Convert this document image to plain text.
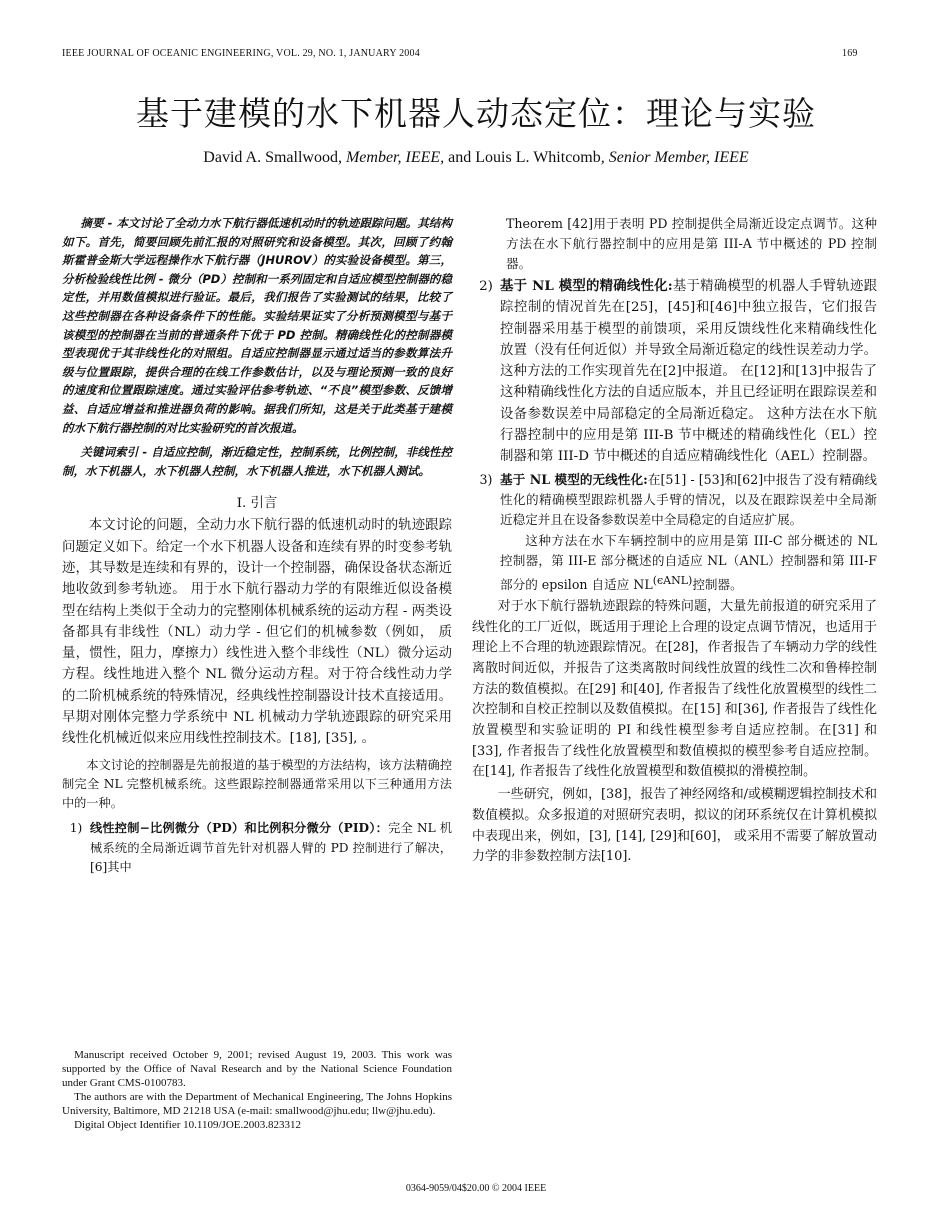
IEEE JOURNAL OF OCEANIC ENGINEERING, VOL. 29, NO. 1, JANUARY 2004	169
基于建模的水下机器人动态定位：理论与实验
David A. Smallwood, Member, IEEE, and Louis L. Whitcomb, Senior Member, IEEE

摘要 - 本文讨论了全动力水下航行器低速机动时的轨迹跟踪问题。其结构如下。首先，简要回顾先前汇报的对照研究和设备模型。其次，回顾了约翰斯霍普金斯大学远程操作水下航行器（JHUROV）的实验设备模型。第三，分析检验线性比例 - 微分（PD）控制和一系列固定和自适应模型控制器的稳定性，并用数值模拟进行验证。最后，我们报告了实验测试的结果，比较了这些控制器在各种设备条件下的性能。实验结果证实了分析预测模型与基于该模型的控制器在当前的普通条件下优于 PD 控制。精确线性化的控制器模型表现优于其非线性化的对照组。自适应控制器显示通过适当的参数算法升级与位置跟踪，提供合理的在线工作参数估计，以及与理论预测一致的良好的速度和位置跟踪速度。通过实验评估参考轨迹、“不良”模型参数、反馈增益、自适应增益和推进器负荷的影响。据我们所知，这是关于此类基于建模的水下航行器控制的对比实验研究的首次报道。

关键词索引 - 自适应控制，渐近稳定性，控制系统，比例控制，非线性控制，水下机器人，水下机器人控制，水下机器人推进，水下机器人测试。

I. 引言

本文讨论的问题，全动力水下航行器的低速机动时的轨迹跟踪问题定义如下。给定一个水下机器人设备和连续有界的时变参考轨迹，其导数是连续和有界的，设计一个控制器，确保设备状态渐近地收敛到参考轨迹。 用于水下航行器动力学的有限维近似设备模型在结构上类似于全动力的完整刚体机械系统的运动方程 - 两类设备都具有非线性（NL）动力学 - 但它们的机械参数（例如， 质量，惯性，阻力，摩擦力）线性进入整个非线性（NL）微分运动方程。线性地进入整个 NL 微分运动方程。对于符合线性动力学的二阶机械系统的特殊情况，经典线性控制器设计技术直接适用。早期对刚体完整力学系统中 NL 机械动力学轨迹跟踪的研究采用线性化机械近似来应用线性控制技术。[18], [35], 。

本文讨论的控制器是先前报道的基于模型的方法结构，该方法精确控制完全 NL 完整机械系统。这些跟踪控制器通常采用以下三种通用方法中的一种。

1) 线性控制−比例微分（PD）和比例积分微分（PID）：完全 NL 机械系统的全局渐近调节首先针对机器人臂的 PD 控制进行了解决，[6]其中

Manuscript received October 9, 2001; revised August 19, 2003. This work was supported by the Office of Naval Research and by the National Science Foundation under Grant CMS-0100783.

The authors are with the Department of Mechanical Engineering, The Johns Hopkins University, Baltimore, MD 21218 USA (e-mail: smallwood@jhu.edu; llw@jhu.edu).

Digital Object Identifier 10.1109/JOE.2003.823312

Theorem [42]用于表明 PD 控制提供全局渐近设定点调节。这种方法在水下航行器控制中的应用是第 III-A 节中概述的 PD 控制器。
2) 基于 NL 模型的精确线性化:基于精确模型的机器人手臂轨迹跟踪控制的情况首先在[25]，[45]和[46]中独立报告，它们报告控制器采用基于模型的前馈项，采用反馈线性化来精确线性化 放置（没有任何近似）并导致全局渐近稳定的线性误差动力学。 这种方法的工作实现首先在[2]中报道。 在[12]和[13]中报告了这种精确线性化方法的自适应版本，并且已经证明在跟踪误差和设备参数误差中局部稳定的全局渐近稳定。 这种方法在水下航行器控制中的应用是第 III-B 节中概述的精确线性化（EL）控制器和第 III-D 节中概述的自适应精确线性化（AEL）控制器。
3) 基于 NL 模型的无线性化:在[51] - [53]和[62]中报告了没有精确线性化的精确模型跟踪机器人手臂的情况，以及在跟踪误差中全局渐近稳定并且在设备参数误差中全局稳定的自适应扩展。
这种方法在水下车辆控制中的应用是第 III-C 部分概述的 NL 控制器，第 III-E 部分概述的自适应 NL（ANL）控制器和第 III-F 部分的 epsilon 自适应 $NL^{(\epsilon ANL)}$控制器。

对于水下航行器轨迹跟踪的特殊问题，大量先前报道的研究采用了线性化的工厂近似，既适用于理论上合理的设定点调节情况，也适用于理论上不合理的轨迹跟踪情况。在[28]，作者报告了车辆动力学的线性离散时间近似，并报告了这类离散时间线性放置的线性二次和鲁棒控制方法的数值模拟。在[29] 和[40], 作者报告了线性化放置模型的线性二次控制和自校正控制以及数值模拟。在[15] 和[36], 作者报告了线性化放置模型和实验证明的 PI 和线性模型参考自适应控制。在[31] 和[33], 作者报告了线性化放置模型和数值模拟的模型参考自适应控制。在[14], 作者报告了线性化放置模型和数值模拟的滑模控制。

一些研究，例如，[38]，报告了神经网络和/或模糊逻辑控制技术和数值模拟。众多报道的对照研究表明，拟议的闭环系统仅在计算机模拟中表现出来，例如，[3], [14], [29]和[60]， 或采用不需要了解放置动力学的非参数控制方法[10].

0364-9059/04$20.00 © 2004 IEEE
